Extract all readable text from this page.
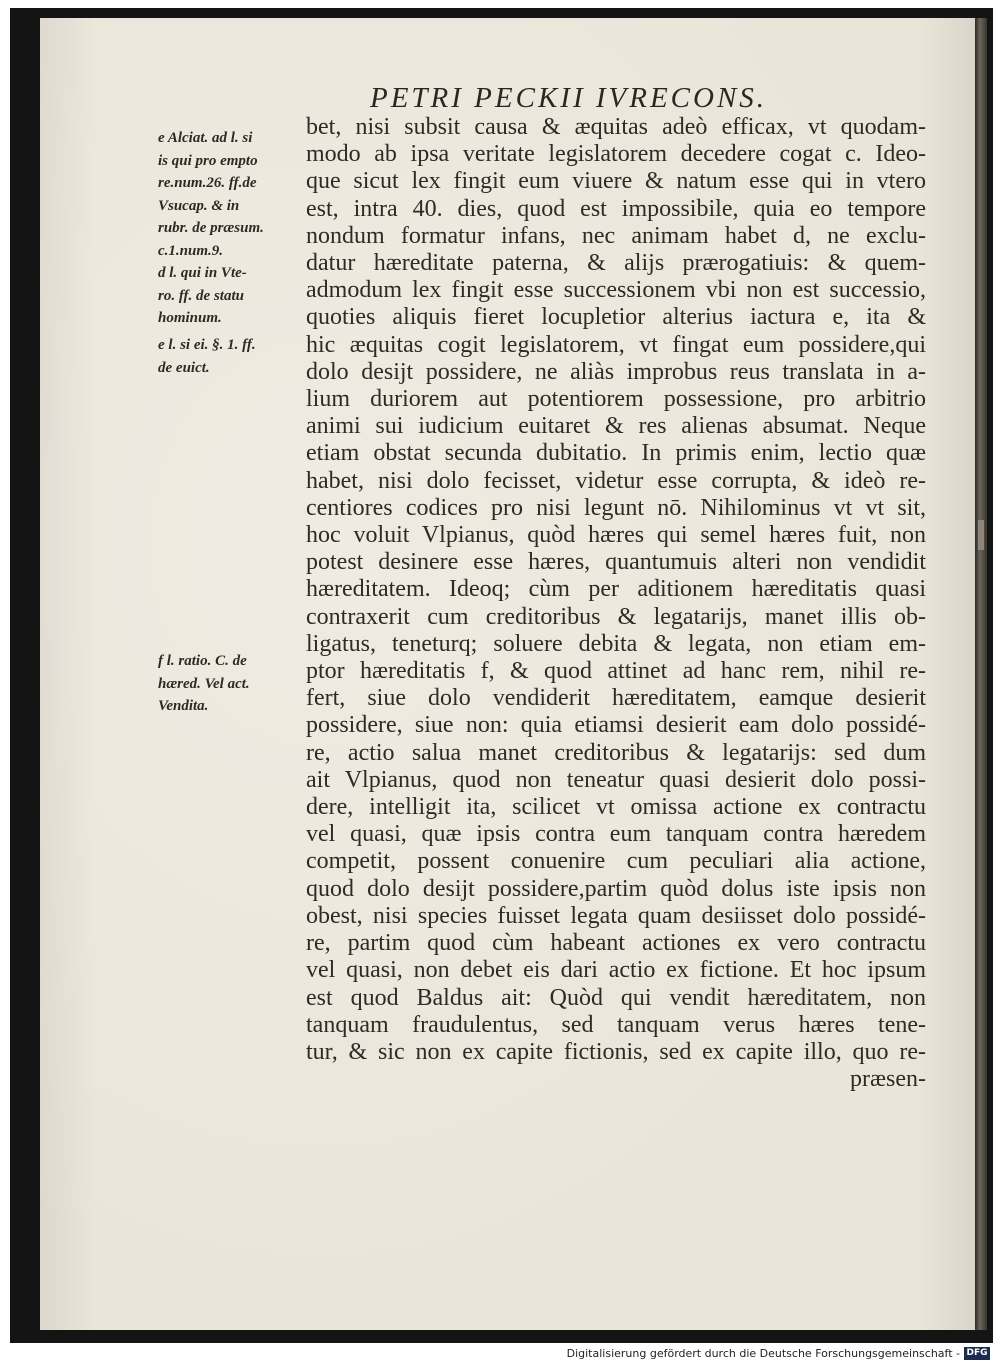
PETRI PECKII IVRECONS.
e Alciat. ad l. si
is qui pro empto
re.num.26. ff.de
Vsucap. & in
rubr. de præsum.
c.1.num.9.
d l. qui in Vte-
ro. ff. de statu
hominum.
e l. si ei. §. 1. ff.
de euict.
f l. ratio. C. de
hæred. Vel act.
Vendita.
bet, nisi subsit causa & æquitas adeò efficax, vt quodam-
modo ab ipsa veritate legislatorem decedere cogat c. Ideo-
que sicut lex fingit eum viuere & natum esse qui in vtero
est, intra 40. dies, quod est impossibile, quia eo tempore
nondum formatur infans, nec animam habet d, ne exclu-
datur hæreditate paterna, & alijs prærogatiuis: & quem-
admodum lex fingit esse successionem vbi non est successio,
quoties aliquis fieret locupletior alterius iactura e, ita &
hic æquitas cogit legislatorem, vt fingat eum possidere,qui
dolo desijt possidere, ne aliàs improbus reus translata in a-
lium duriorem aut potentiorem possessione, pro arbitrio
animi sui iudicium euitaret & res alienas absumat. Neque
etiam obstat secunda dubitatio. In primis enim, lectio quæ
habet, nisi dolo fecisset, videtur esse corrupta, & ideò re-
centiores codices pro nisi legunt nō. Nihilominus vt vt sit,
hoc voluit Vlpianus, quòd hæres qui semel hæres fuit, non
potest desinere esse hæres, quantumuis alteri non vendidit
hæreditatem. Ideoq; cùm per aditionem hæreditatis quasi
contraxerit cum creditoribus & legatarijs, manet illis ob-
ligatus, teneturq; soluere debita & legata, non etiam em-
ptor hæreditatis f, & quod attinet ad hanc rem, nihil re-
fert, siue dolo vendiderit hæreditatem, eamque desierit
possidere, siue non: quia etiamsi desierit eam dolo possidé-
re, actio salua manet creditoribus & legatarijs: sed dum
ait Vlpianus, quod non teneatur quasi desierit dolo possi-
dere, intelligit ita, scilicet vt omissa actione ex contractu
vel quasi, quæ ipsis contra eum tanquam contra hæredem
competit, possent conuenire cum peculiari alia actione,
quod dolo desijt possidere,partim quòd dolus iste ipsis non
obest, nisi species fuisset legata quam desiisset dolo possidé-
re, partim quod cùm habeant actiones ex vero contractu
vel quasi, non debet eis dari actio ex fictione. Et hoc ipsum
est quod Baldus ait: Quòd qui vendit hæreditatem, non
tanquam fraudulentus, sed tanquam verus hæres tene-
tur, & sic non ex capite fictionis, sed ex capite illo, quo re-
præsen-
Digitalisierung gefördert durch die Deutsche Forschungsgemeinschaft - DFG
